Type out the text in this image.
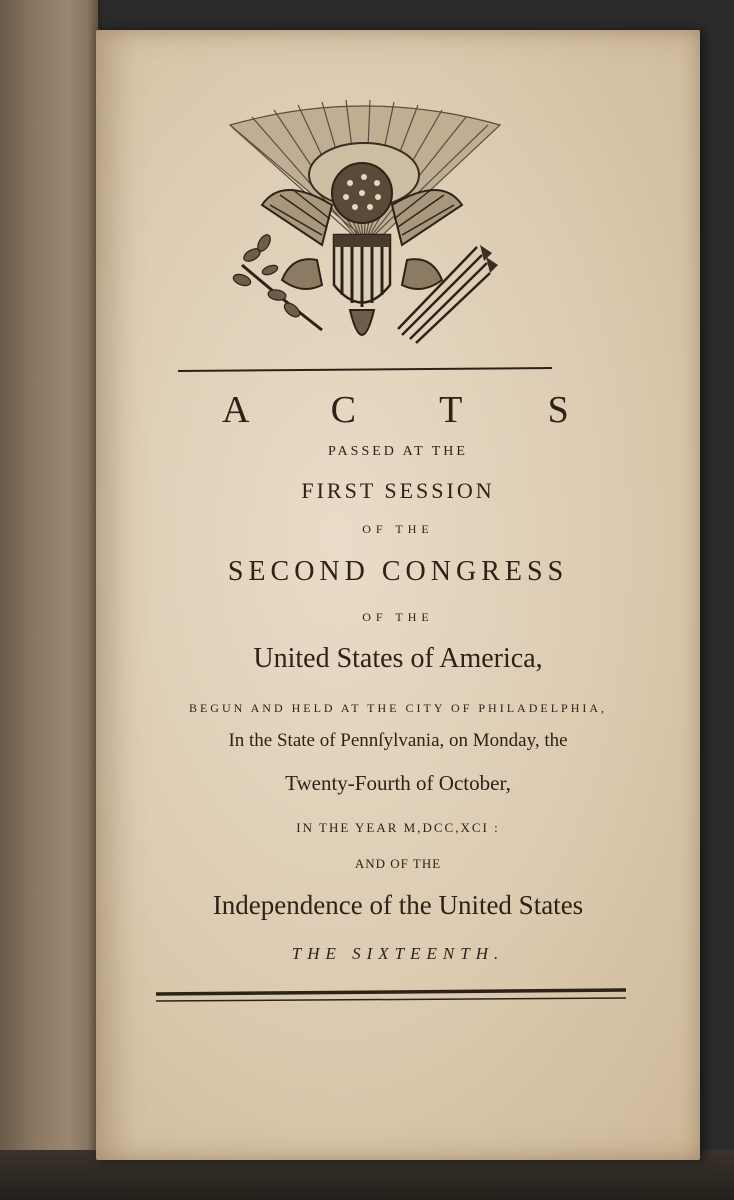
A C T S
PASSED AT THE
FIRST SESSION
OF THE
SECOND CONGRESS
OF THE
United States of America,
BEGUN AND HELD AT THE CITY OF PHILADELPHIA,
In the State of Pennſylvania, on Monday, the
Twenty-Fourth of October,
IN THE YEAR M,DCC,XCI :
AND OF THE
Independence of the United States
THE SIXTEENTH.
